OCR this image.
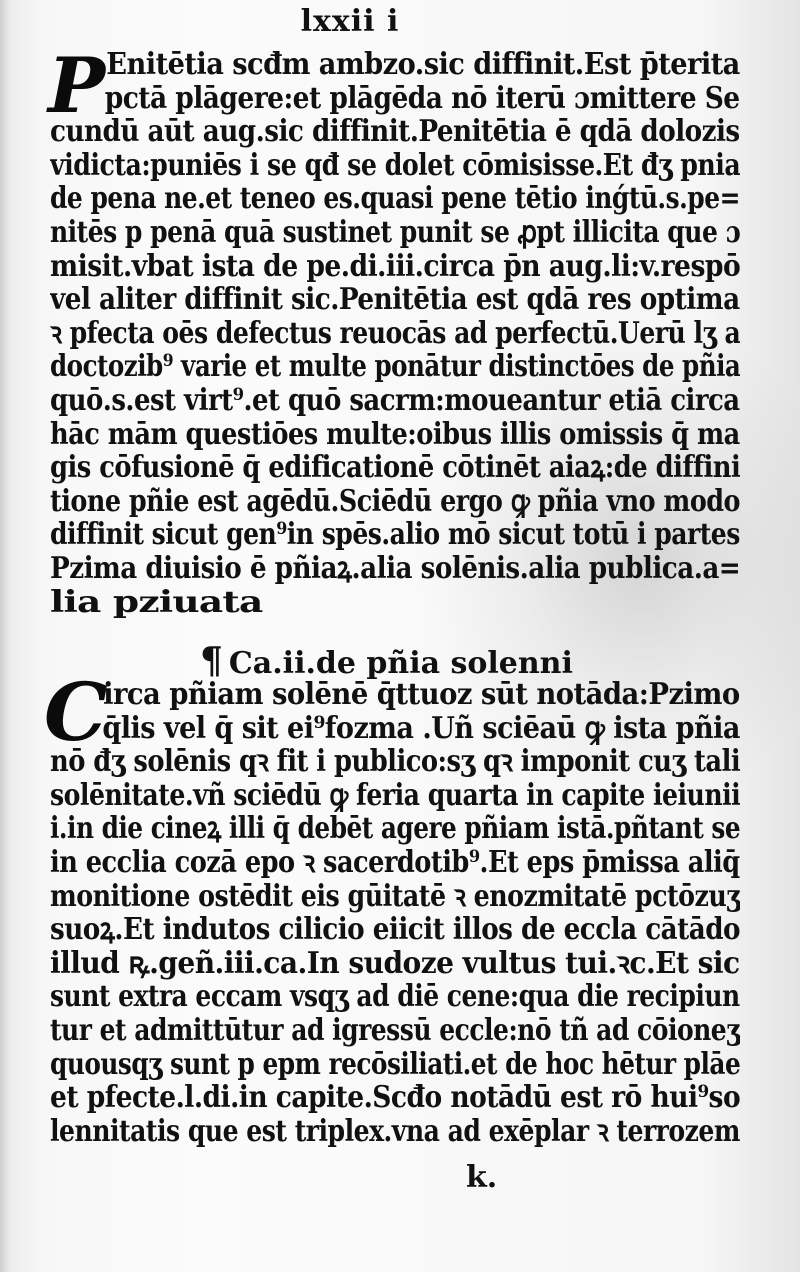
lxxii i
P Enitētia scđm ambzo.sic diffinit.Est p̄terita
pctā plāgere:et plāgēda nō iterū ɔmittere Se
cundū aūt aug.sic diffinit.Penitētia ē qdā dolozis
vidicta:puniēs i se qđ se dolet cōmisisse.Et đʒ pnia
de pena ne.et teneo es.quasi pene tētio inǵtū.s.pe=
nitēs p penā quā sustinet punit se ꝓpt illicita que ɔ
misit.vbat ista de pe.di.iii.circa p̄n aug.li:v.respō
vel aliter diffinit sic.Penitētia est qdā res optima
ꝛ pfecta oēs defectus reuocās ad perfectū.Uerū lʒ a
doctozib⁹ varie et multe ponātur distinctōes de pñia
quō.s.est virt⁹.et quō sacrm:moueantur etiā circa
hāc mām questiōes multe:oibus illis omissis q̄ ma
gis cōfusionē q̄ edificationē cōtinēt aiaꝝ:de diffini
tione pñie est agēdū.Sciēdū ergo ꝙ pñia vno modo
diffinit sicut gen⁹in spēs.alio mō sicut totū i partes
Pzima diuisio ē pñiaꝝ.alia solēnis.alia publica.a=
lia pziuata
¶ Ca.ii.de pñia solenni
C
irca pñiam solēnē q̄ttuoz sūt notāda:Pzimo
q̄lis vel q̄ sit ei⁹fozma .Uñ sciēaū ꝙ ista pñia
nō đʒ solēnis qꝛ fit i publico:sʒ qꝛ imponit cuʒ tali
solēnitate.vñ sciēdū ꝙ feria quarta in capite ieiunii
i.in die cineꝝ illi q̄ debēt agere pñiam istā.pñtant se
in ecclia cozā epo ꝛ sacerdotib⁹.Et eps p̄missa aliq̄
monitione ostēdit eis gūitatē ꝛ enozmitatē pctōzuʒ
suoꝝ.Et indutos cilicio eiicit illos de eccla cātādo
illud ꝶ.geñ.iii.ca.In sudoze vultus tui.ꝛc.Et sic
sunt extra eccam vsqʒ ad diē cene:qua die recipiun
tur et admittūtur ad igressū eccle:nō tñ ad cōioneʒ
quousqʒ sunt p epm recōsiliati.et de hoc hētur plāe
et pfecte.l.di.in capite.Scđo notādū est rō hui⁹so
lennitatis que est triplex.vna ad exēplar ꝛ terrozem
k.
